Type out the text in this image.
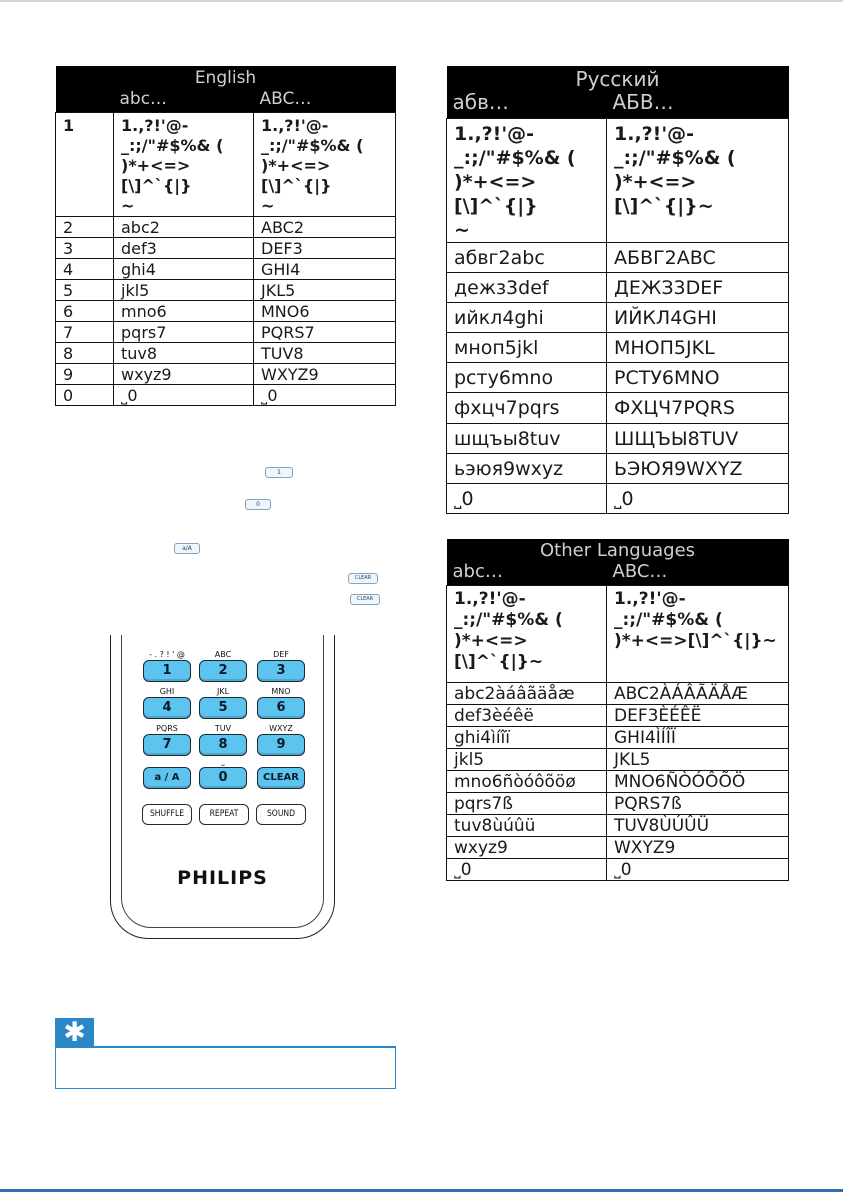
English		
	abc…	ABC…
1	1.,?!'@-
_:;/"#$%& (
)*+<=>[\]^`{|}
~	1.,?!'@-
_:;/"#$%& (
)*+<=>[\]^`{|}
~
2	abc2	ABC2
3	def3	DEF3
4	ghi4	GHI4
5	jkl5	JKL5
6	mno6	MNO6
7	pqrs7	PQRS7
8	tuv8	TUV8
9	wxyz9	WXYZ9
0	˽0	˽0
Русский	
абв…	АБВ…
1.,?!'@-
_:;/"#$%& (
)*+<=>[\]^`{|}
~	1.,?!'@-
_:;/"#$%& (
)*+<=>[\]^`{|}~
абвг2abc	АБВГ2ABC
дежз3def	ДЕЖЗ3DEF
ийкл4ghi	ИЙКЛ4GHI
мноп5jkl	МНОП5JKL
рсту6mno	РСТУ6MNO
фхцч7pqrs	ФХЦЧ7PQRS
шщъы8tuv	ШЩЪЫ8TUV
ьэюя9wxyz	ЬЭЮЯ9WXYZ
˽0	˽0
Other Languages	
abc…	ABC…
1.,?!'@-
_:;/"#$%& (
)*+<=>[\]^`{|}~	1.,?!'@-
_:;/"#$%& (
)*+<=>[\]^`{|}~
abc2àáâãäåæ	ABC2ÀÁÂÃÄÅÆ
def3èéêë	DEF3ÈÉÊË
ghi4ìíîï	GHI4ÌÍÎÏ
jkl5	JKL5
mno6ñòóôõöø	MNO6ÑÒÓÔÕÖ
pqrs7ß	PQRS7ß
tuv8ùúûü	TUV8ÙÚÛÜ
wxyz9	WXYZ9
˽0	˽0
1
0
a/A
CLEAR
CLEAR
- . ? ! ' @
1
ABC
2
DEF
3
GHI
4
JKL
5
MNO
6
PQRS
7
TUV
8
WXYZ
9
a / A
˽
0	CLEAR
SHUFFLE	REPEAT	SOUND
PHILIPS
✱
